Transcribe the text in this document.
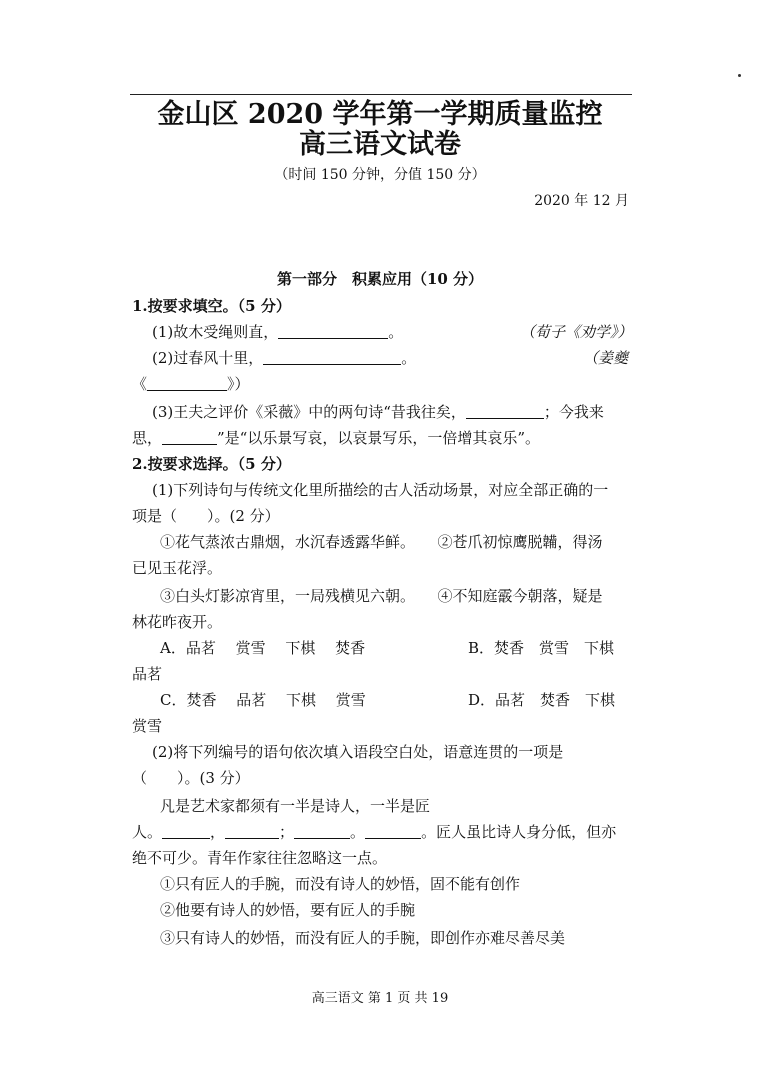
金山区 2020 学年第一学期质量监控
高三语文试卷
（时间 150 分钟，分值 150 分）
2020 年 12 月
第一部分　积累应用（10 分）
1.按要求填空。（5 分）
(1)故木受绳则直，	。	（荀子《劝学》）
(2)过春风十里，	。	（姜夔
《	》）
(3)王夫之评价《采薇》中的两句诗“昔我往矣，	；今我来
思，	”是“以乐景写哀，以哀景写乐，一倍增其哀乐”。
2.按要求选择。（5 分）
(1)下列诗句与传统文化里所描绘的古人活动场景，对应全部正确的一
项是（　　）。(2 分）
①花气蒸浓古鼎烟，水沉春透露华鲜。　　②苍爪初惊鹰脱韛，得汤
已见玉花浮。
③白头灯影凉宵里，一局残横见六朝。　　④不知庭霰今朝落，疑是
林花昨夜开。
A．品茗　 赏雪　 下棋　 焚香	B．焚香　赏雪　下棋
品茗
C．焚香　 品茗　 下棋　 赏雪	D．品茗　焚香　下棋
赏雪
(2)将下列编号的语句依次填入语段空白处，语意连贯的一项是
（　　）。(3 分）
凡是艺术家都须有一半是诗人，一半是匠
人。	，	；	。	。匠人虽比诗人身分低，但亦
绝不可少。青年作家往往忽略这一点。
①只有匠人的手腕，而没有诗人的妙悟，固不能有创作
②他要有诗人的妙悟，要有匠人的手腕
③只有诗人的妙悟，而没有匠人的手腕，即创作亦难尽善尽美
高三语文 第 1 页 共 19
